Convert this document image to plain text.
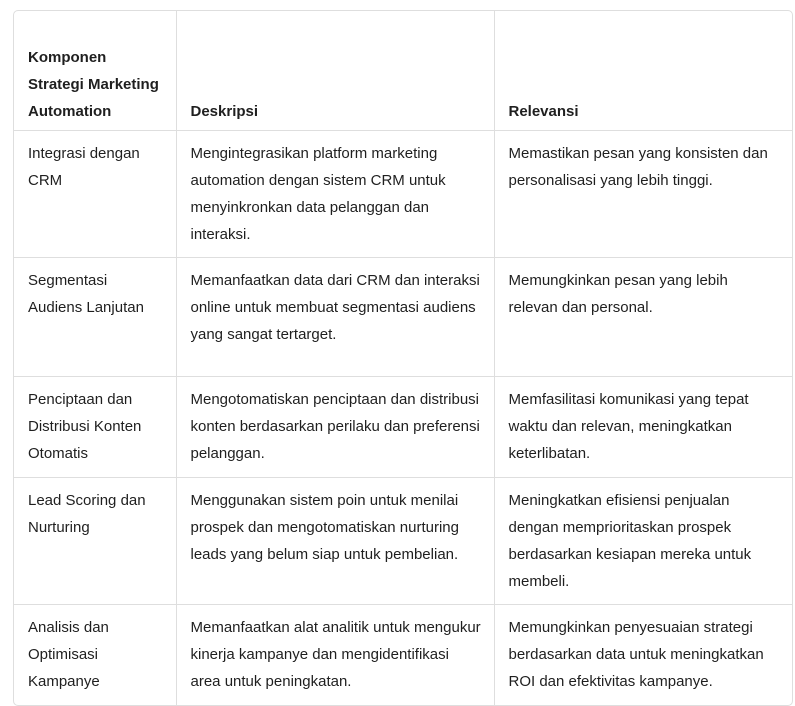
Komponen Strategi Marketing Automation	Deskripsi	Relevansi
Integrasi dengan CRM	Mengintegrasikan platform marketing automation dengan sistem CRM untuk menyinkronkan data pelanggan dan interaksi.	Memastikan pesan yang konsisten dan personalisasi yang lebih tinggi.
Segmentasi Audiens Lanjutan	Memanfaatkan data dari CRM dan interaksi online untuk membuat segmentasi audiens yang sangat tertarget.	Memungkinkan pesan yang lebih relevan dan personal.
Penciptaan dan Distribusi Konten Otomatis	Mengotomatiskan penciptaan dan distribusi konten berdasarkan perilaku dan preferensi pelanggan.	Memfasilitasi komunikasi yang tepat waktu dan relevan, meningkatkan keterlibatan.
Lead Scoring dan Nurturing	Menggunakan sistem poin untuk menilai prospek dan mengotomatiskan nurturing leads yang belum siap untuk pembelian.	Meningkatkan efisiensi penjualan dengan memprioritaskan prospek berdasarkan kesiapan mereka untuk membeli.
Analisis dan Optimisasi Kampanye	Memanfaatkan alat analitik untuk mengukur kinerja kampanye dan mengidentifikasi area untuk peningkatan.	Memungkinkan penyesuaian strategi berdasarkan data untuk meningkatkan ROI dan efektivitas kampanye.
